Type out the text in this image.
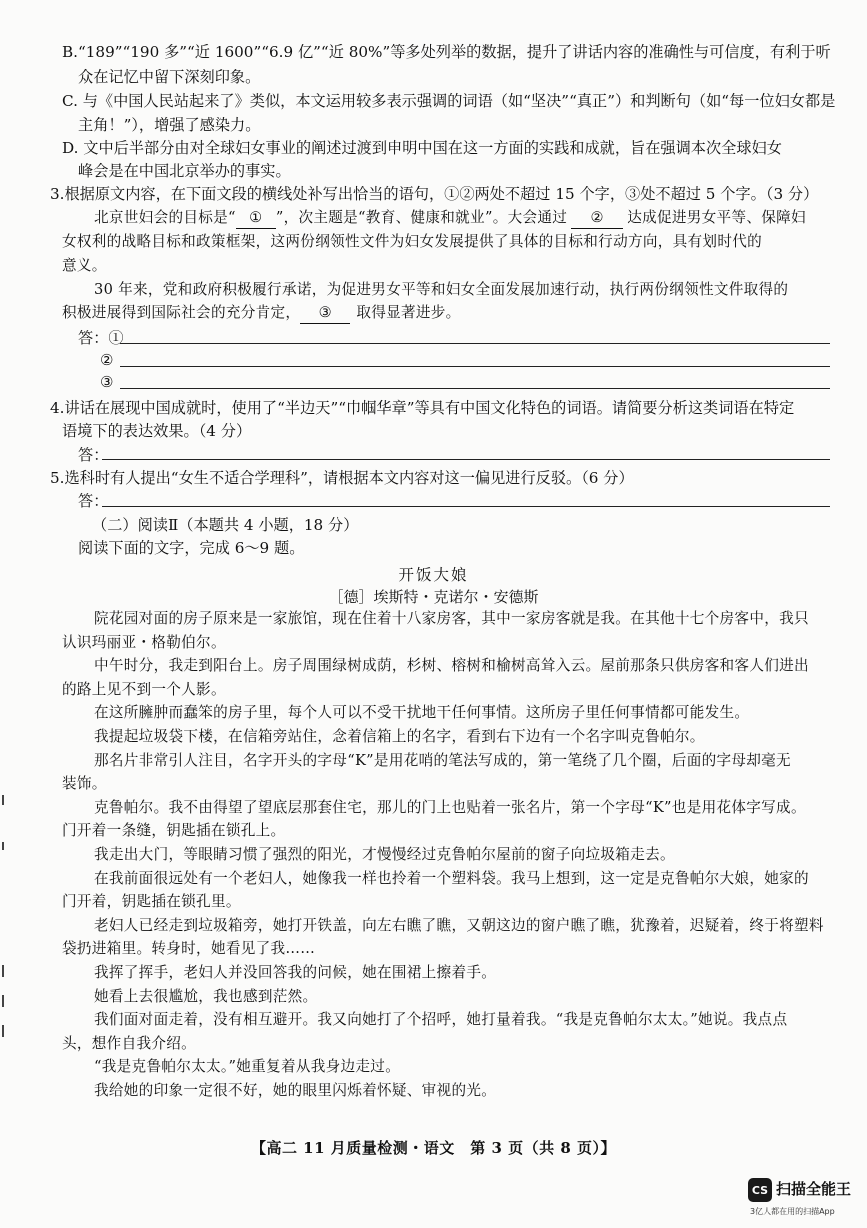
B.“189”“190 多”“近 1600”“6.9 亿”“近 80%”等多处列举的数据，提升了讲话内容的准确性与可信度，有利于听
众在记忆中留下深刻印象。
C. 与《中国人民站起来了》类似，本文运用较多表示强调的词语（如“坚决”“真正”）和判断句（如“每一位妇女都是
主角！”），增强了感染力。
D. 文中后半部分由对全球妇女事业的阐述过渡到申明中国在这一方面的实践和成就，旨在强调本次全球妇女
峰会是在中国北京举办的事实。
3.根据原文内容，在下面文段的横线处补写出恰当的语句，①②两处不超过 15 个字，③处不超过 5 个字。（3 分）
北京世妇会的目标是“ ① ”，次主题是“教育、健康和就业”。大会通过 ② 达成促进男女平等、保障妇
女权利的战略目标和政策框架，这两份纲领性文件为妇女发展提供了具体的目标和行动方向，具有划时代的
意义。
30 年来，党和政府积极履行承诺，为促进男女平等和妇女全面发展加速行动，执行两份纲领性文件取得的
积极进展得到国际社会的充分肯定， ③ 取得显著进步。
答：①
②
③
4.讲话在展现中国成就时，使用了“半边天”“巾帼华章”等具有中国文化特色的词语。请简要分析这类词语在特定
语境下的表达效果。（4 分）
答：
5.选科时有人提出“女生不适合学理科”，请根据本文内容对这一偏见进行反驳。（6 分）
答：
（二）阅读Ⅱ（本题共 4 小题，18 分）
阅读下面的文字，完成 6～9 题。
开饭大娘
［德］埃斯特・克诺尔・安德斯
院花园对面的房子原来是一家旅馆，现在住着十八家房客，其中一家房客就是我。在其他十七个房客中，我只
认识玛丽亚・格勒伯尔。
中午时分，我走到阳台上。房子周围绿树成荫，杉树、榕树和榆树高耸入云。屋前那条只供房客和客人们进出
的路上见不到一个人影。
在这所臃肿而蠢笨的房子里，每个人可以不受干扰地干任何事情。这所房子里任何事情都可能发生。
我提起垃圾袋下楼，在信箱旁站住，念着信箱上的名字，看到右下边有一个名字叫克鲁帕尔。
那名片非常引人注目，名字开头的字母“K”是用花哨的笔法写成的，第一笔绕了几个圈，后面的字母却毫无
装饰。
克鲁帕尔。我不由得望了望底层那套住宅，那儿的门上也贴着一张名片，第一个字母“K”也是用花体字写成。
门开着一条缝，钥匙插在锁孔上。
我走出大门，等眼睛习惯了强烈的阳光，才慢慢经过克鲁帕尔屋前的窗子向垃圾箱走去。
在我前面很远处有一个老妇人，她像我一样也拎着一个塑料袋。我马上想到，这一定是克鲁帕尔大娘，她家的
门开着，钥匙插在锁孔里。
老妇人已经走到垃圾箱旁，她打开铁盖，向左右瞧了瞧，又朝这边的窗户瞧了瞧，犹豫着，迟疑着，终于将塑料
袋扔进箱里。转身时，她看见了我……
我挥了挥手，老妇人并没回答我的问候，她在围裙上擦着手。
她看上去很尴尬，我也感到茫然。
我们面对面走着，没有相互避开。我又向她打了个招呼，她打量着我。“我是克鲁帕尔太太。”她说。我点点
头，想作自我介绍。
“我是克鲁帕尔太太。”她重复着从我身边走过。
我给她的印象一定很不好，她的眼里闪烁着怀疑、审视的光。
【高二 11 月质量检测・语文　第 3 页（共 8 页）】
CS 扫描全能王
3亿人都在用的扫描App
